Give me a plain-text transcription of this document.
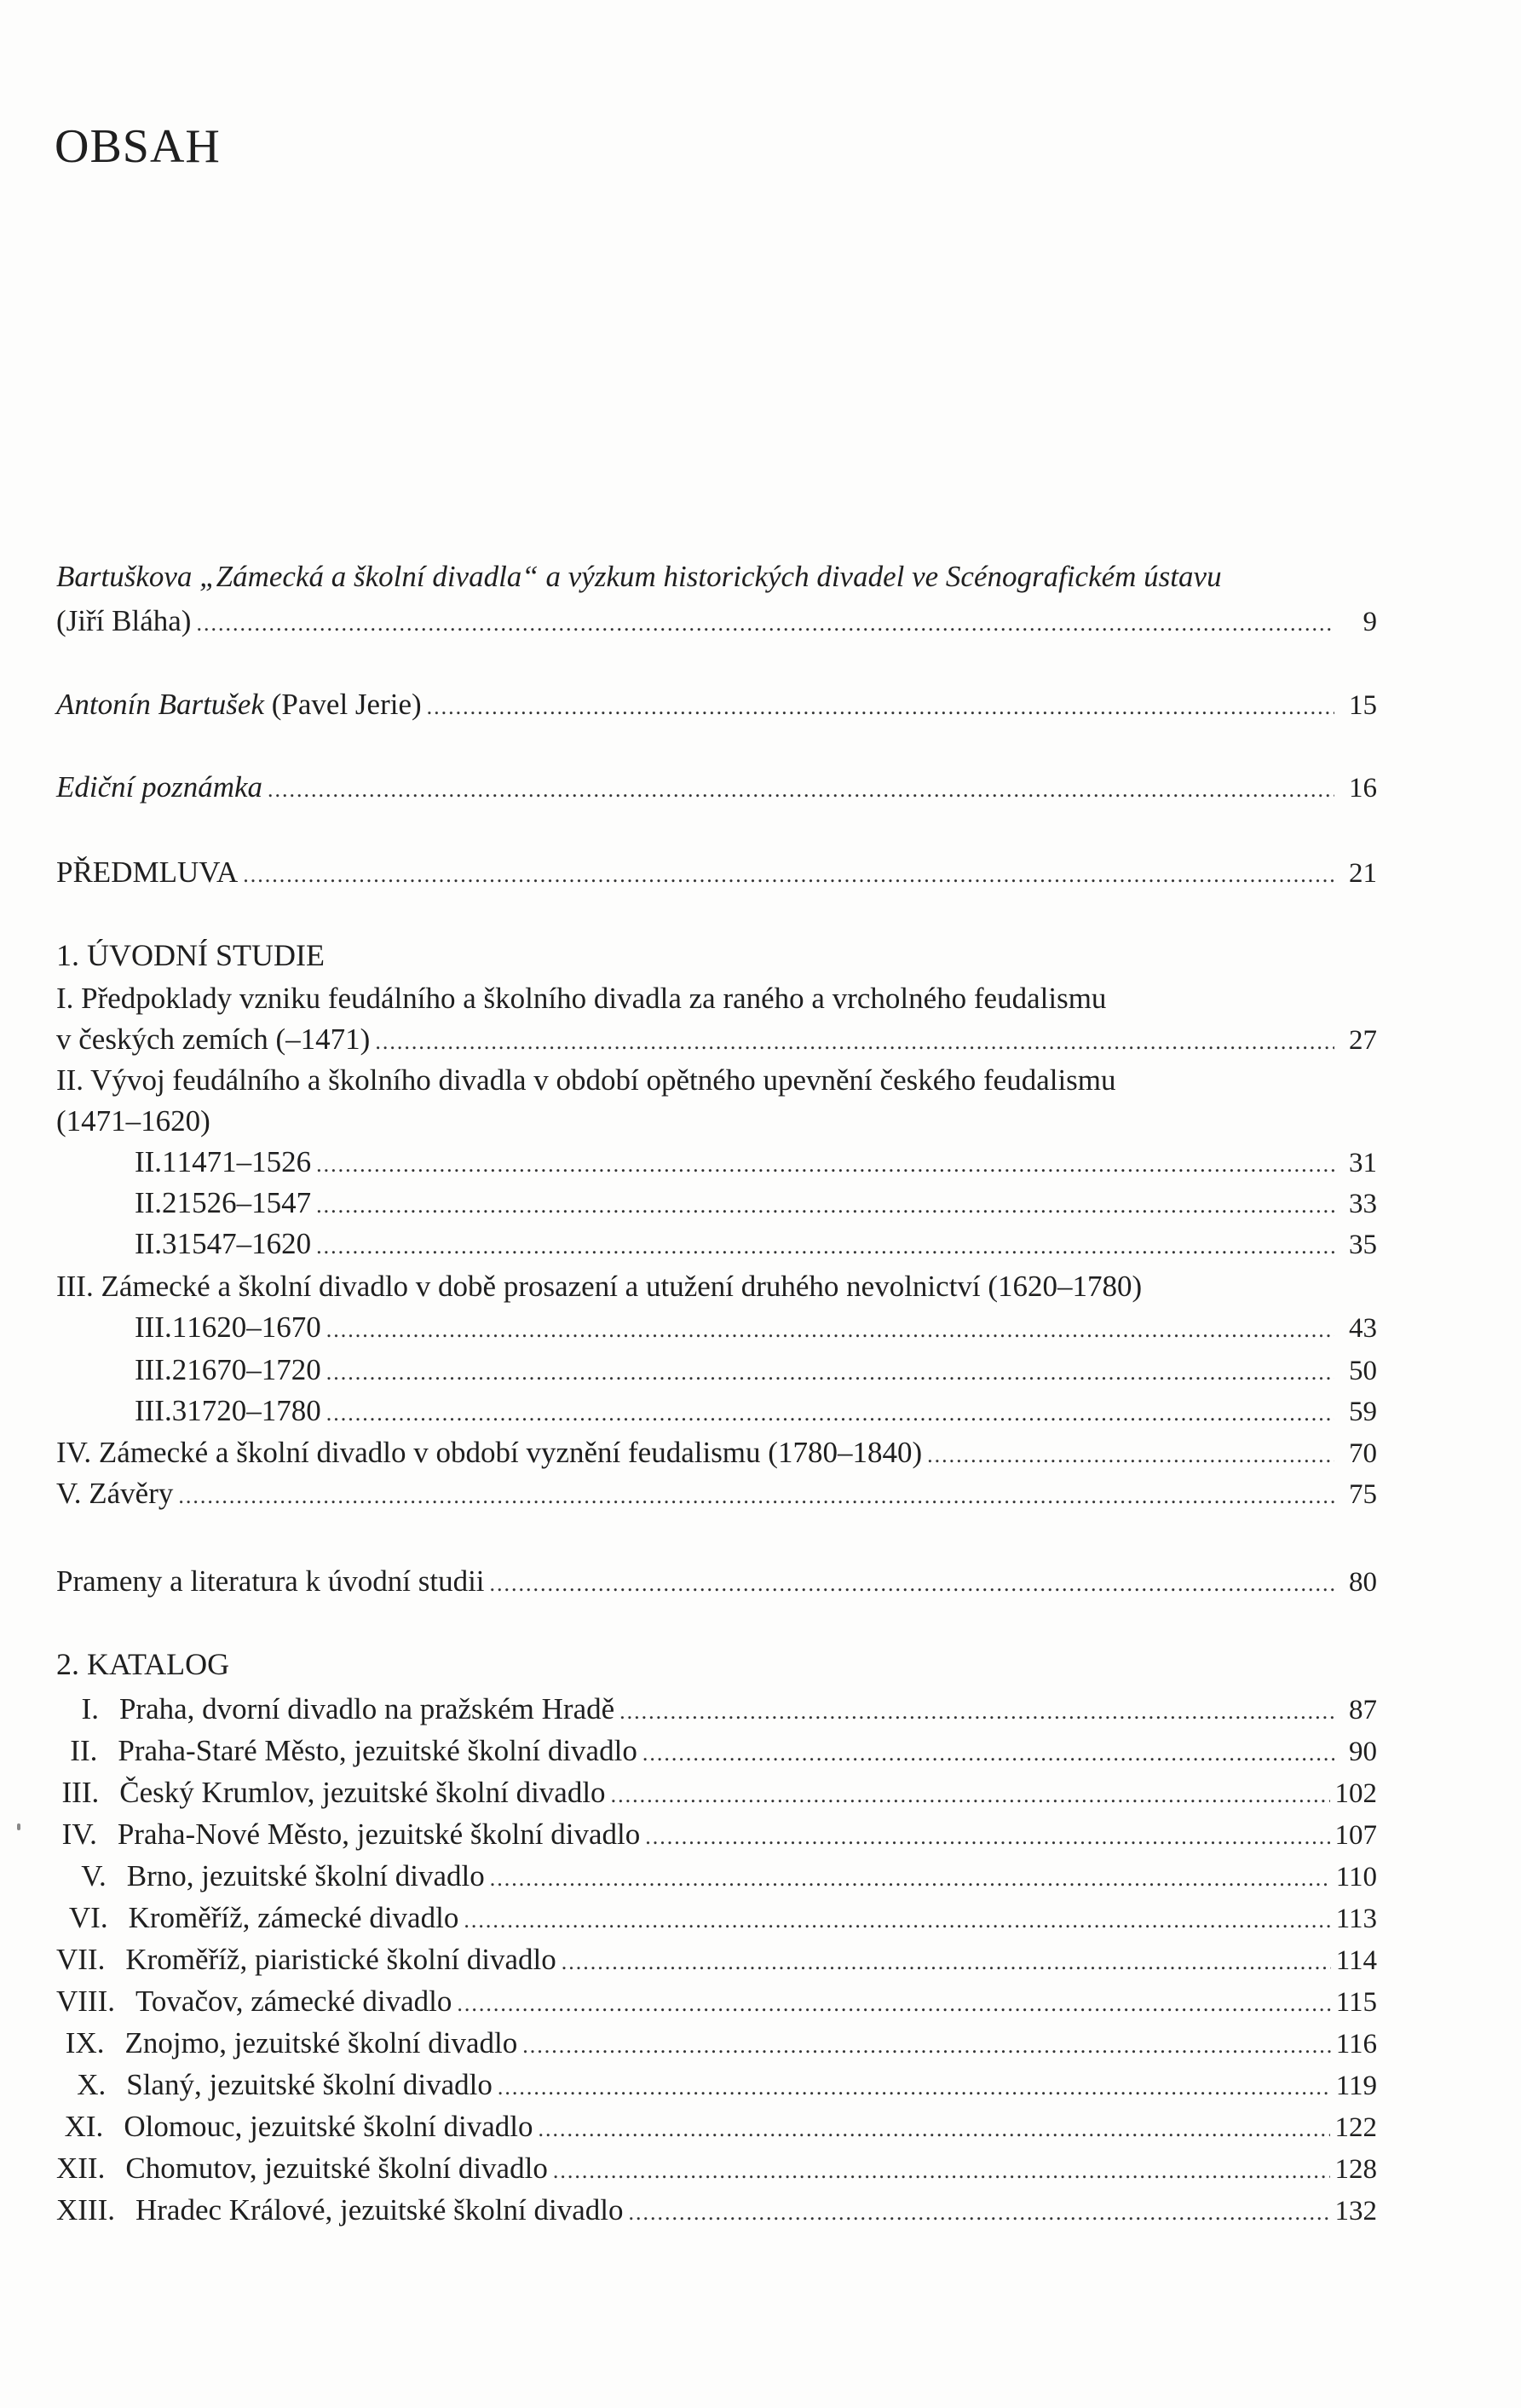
OBSAH
Bartuškova „Zámecká a školní divadla“ a výzkum historických divadel ve Scénografickém ústavu
(Jiří Bláha) .....	9
Antonín Bartušek (Pavel Jerie) .....	15
Ediční poznámka .....	16
PŘEDMLUVA .....	21
1. ÚVODNÍ STUDIE
I. Předpoklady vzniku feudálního a školního divadla za raného a vrcholného feudalismu
v českých zemích (–1471) .....	27
II. Vývoj feudálního a školního divadla v období opětného upevnění českého feudalismu
(1471–1620)
II.1 1471–1526 .....	31
II.2 1526–1547 .....	33
II.3 1547–1620 .....	35
III. Zámecké a školní divadlo v době prosazení a utužení druhého nevolnictví (1620–1780)
III.1 1620–1670 .....	43
III.2 1670–1720 .....	50
III.3 1720–1780 .....	59
IV. Zámecké a školní divadlo v období vyznění feudalismu (1780–1840) .....	70
V. Závěry .....	75
Prameny a literatura k úvodní studii .....	80
2. KATALOG
I. Praha, dvorní divadlo na pražském Hradě .....	87
II. Praha-Staré Město, jezuitské školní divadlo .....	90
III. Český Krumlov, jezuitské školní divadlo .....	102
IV. Praha-Nové Město, jezuitské školní divadlo .....	107
V. Brno, jezuitské školní divadlo .....	110
VI. Kroměříž, zámecké divadlo .....	113
VII. Kroměříž, piaristické školní divadlo .....	114
VIII. Tovačov, zámecké divadlo .....	115
IX. Znojmo, jezuitské školní divadlo .....	116
X. Slaný, jezuitské školní divadlo .....	119
XI. Olomouc, jezuitské školní divadlo .....	122
XII. Chomutov, jezuitské školní divadlo .....	128
XIII. Hradec Králové, jezuitské školní divadlo .....	132
